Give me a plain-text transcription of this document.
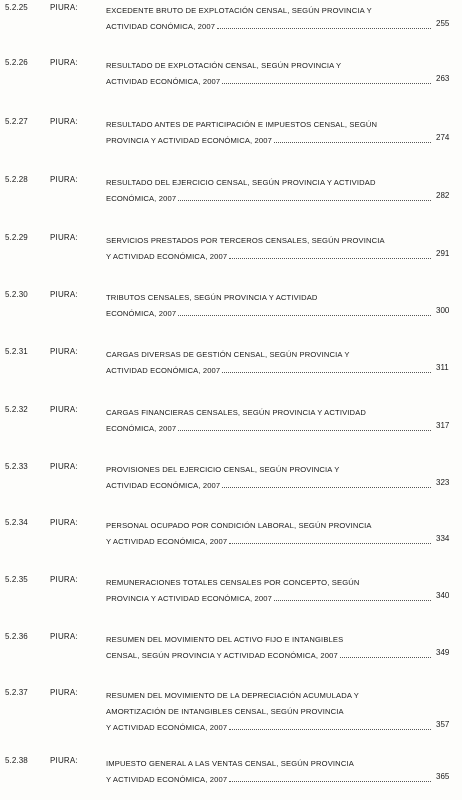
5.2.25	PIURA:	EXCEDENTE BRUTO DE EXPLOTACIÓN CENSAL, SEGÚN PROVINCIA Y
ACTIVIDAD CONÓMICA, 2007	255
5.2.26	PIURA:	RESULTADO DE EXPLOTACIÓN CENSAL, SEGÚN PROVINCIA Y
ACTIVIDAD ECONÓMICA, 2007	263
5.2.27	PIURA:	RESULTADO ANTES DE PARTICIPACIÓN E IMPUESTOS CENSAL, SEGÚN
PROVINCIA Y ACTIVIDAD ECONÓMICA, 2007	274
5.2.28	PIURA:	RESULTADO DEL EJERCICIO CENSAL, SEGÚN PROVINCIA Y ACTIVIDAD
ECONÓMICA, 2007	282
5.2.29	PIURA:	SERVICIOS PRESTADOS POR TERCEROS CENSALES, SEGÚN PROVINCIA
Y ACTIVIDAD ECONÓMICA, 2007	291
5.2.30	PIURA:	TRIBUTOS CENSALES, SEGÚN PROVINCIA Y ACTIVIDAD
ECONÓMICA, 2007	300
5.2.31	PIURA:	CARGAS DIVERSAS DE GESTIÓN CENSAL, SEGÚN PROVINCIA Y
ACTIVIDAD ECONÓMICA, 2007	311
5.2.32	PIURA:	CARGAS FINANCIERAS CENSALES, SEGÚN PROVINCIA Y ACTIVIDAD
ECONÓMICA, 2007	317
5.2.33	PIURA:	PROVISIONES DEL EJERCICIO CENSAL, SEGÚN PROVINCIA Y
ACTIVIDAD ECONÓMICA, 2007	323
5.2.34	PIURA:	PERSONAL OCUPADO POR CONDICIÓN LABORAL, SEGÚN PROVINCIA
Y ACTIVIDAD ECONÓMICA, 2007	334
5.2.35	PIURA:	REMUNERACIONES TOTALES CENSALES POR CONCEPTO, SEGÚN
PROVINCIA Y ACTIVIDAD ECONÓMICA, 2007	340
5.2.36	PIURA:	RESUMEN DEL MOVIMIENTO DEL ACTIVO FIJO E INTANGIBLES
CENSAL, SEGÚN PROVINCIA Y ACTIVIDAD ECONÓMICA, 2007	349
5.2.37	PIURA:	RESUMEN DEL MOVIMIENTO DE LA DEPRECIACIÓN ACUMULADA Y
AMORTIZACIÓN DE INTANGIBLES CENSAL, SEGÚN PROVINCIA
Y ACTIVIDAD ECONÓMICA, 2007	357
5.2.38	PIURA:	IMPUESTO GENERAL A LAS VENTAS CENSAL, SEGÚN PROVINCIA
Y ACTIVIDAD ECONÓMICA, 2007	365
